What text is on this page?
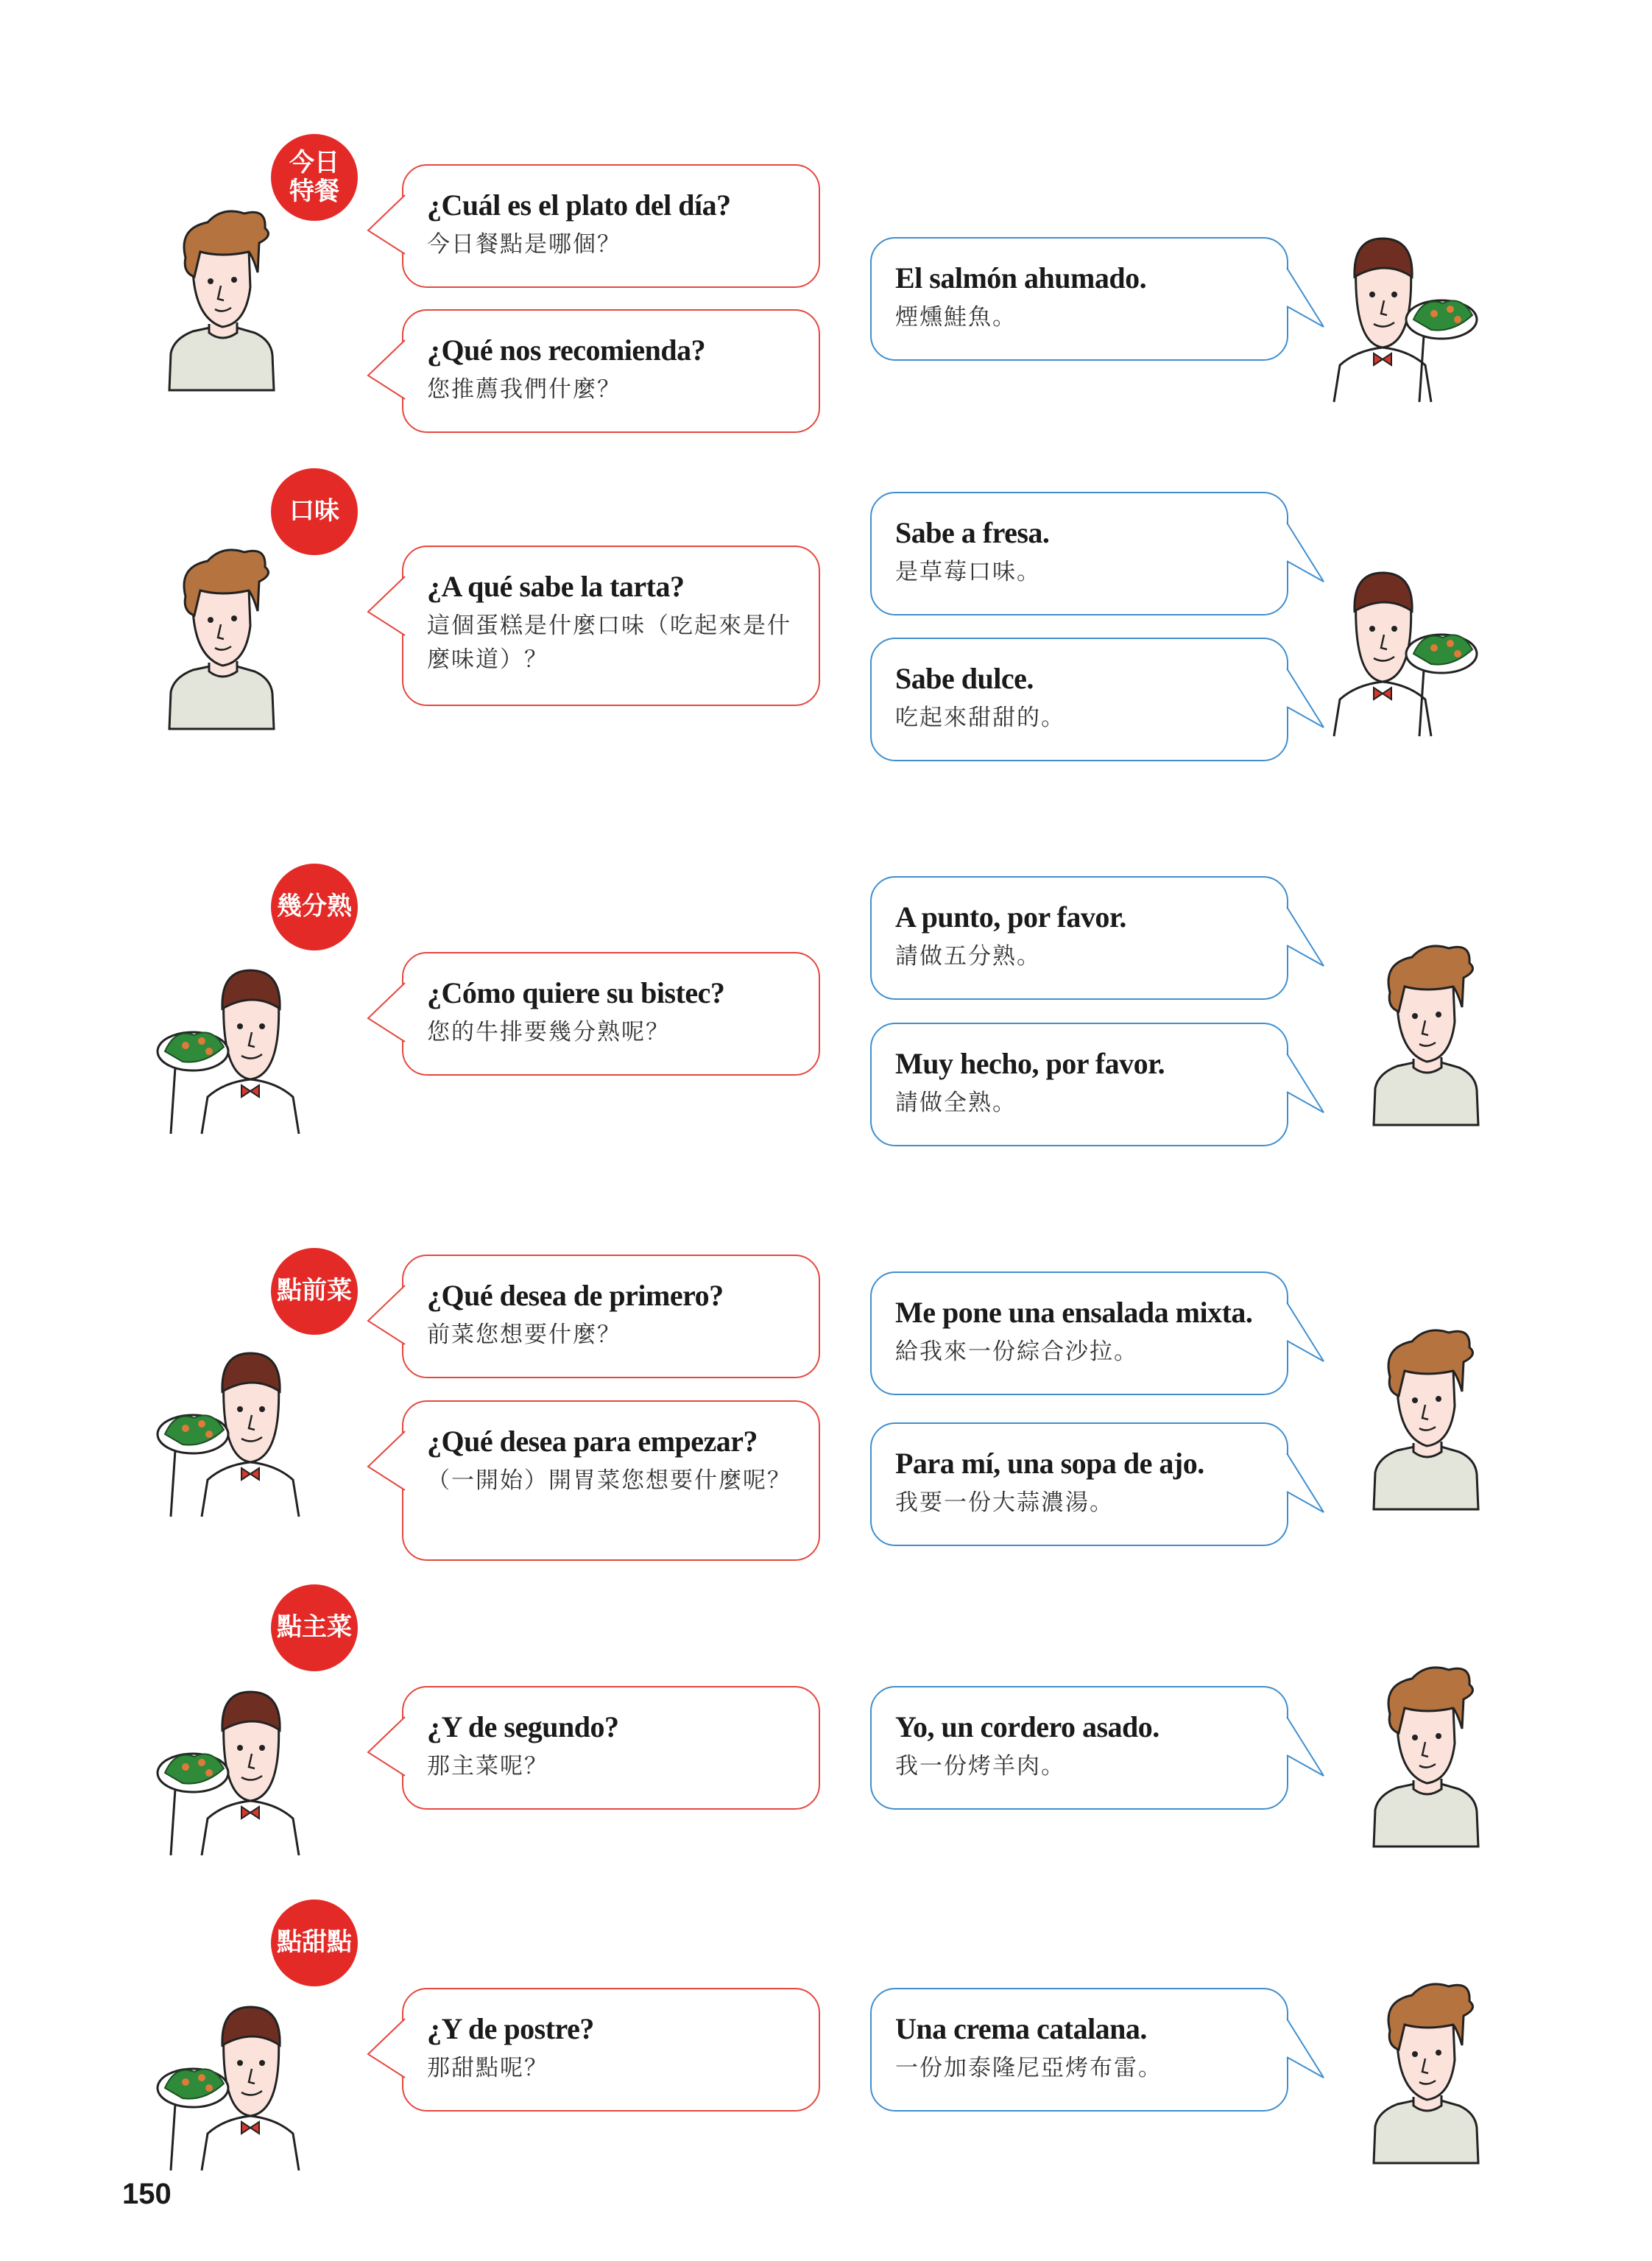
今日
特餐
口味
幾分熟
點前菜
點主菜
點甜點
¿Cuál es el plato del día?
今日餐點是哪個？
¿Qué nos recomienda?
您推薦我們什麼？
El salmón ahumado.
煙燻鮭魚。
¿A qué sabe la tarta?
這個蛋糕是什麼口味（吃起來是什麼味道）？
Sabe a fresa.
是草莓口味。
Sabe dulce.
吃起來甜甜的。
¿Cómo quiere su bistec?
您的牛排要幾分熟呢？
A punto, por favor.
請做五分熟。
Muy hecho, por favor.
請做全熟。
¿Qué desea de primero?
前菜您想要什麼？
¿Qué desea para empezar?
（一開始）開胃菜您想要什麼呢？
Me pone una ensalada mixta.
給我來一份綜合沙拉。
Para mí, una sopa de ajo.
我要一份大蒜濃湯。
¿Y de segundo?
那主菜呢？
Yo, un cordero asado.
我一份烤羊肉。
¿Y de postre?
那甜點呢？
Una crema catalana.
一份加泰隆尼亞烤布雷。
150
